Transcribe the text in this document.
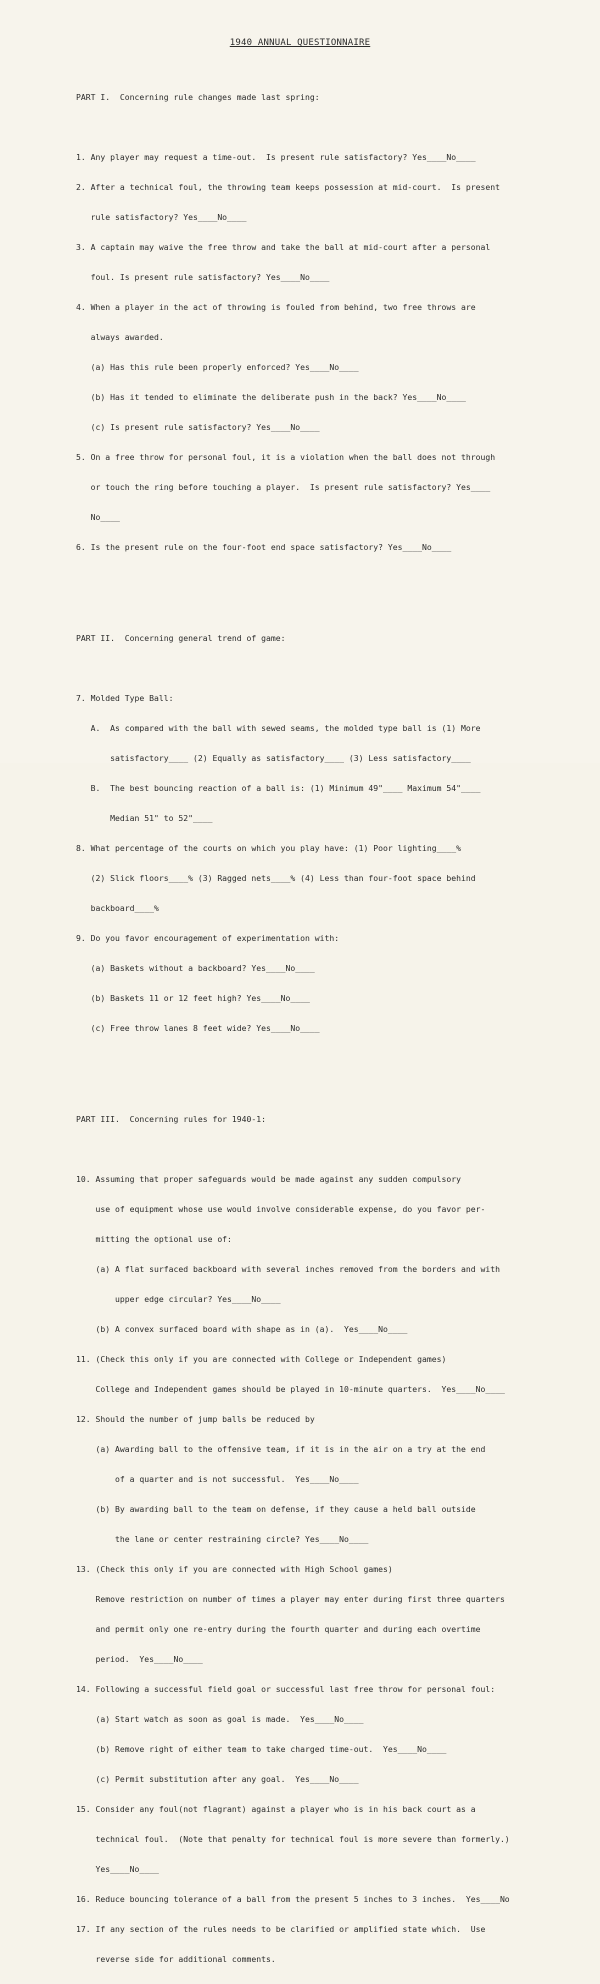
1940 ANNUAL QUESTIONNAIRE

PART I.  Concerning rule changes made last spring:

1. Any player may request a time-out.  Is present rule satisfactory? Yes____No____

2. After a technical foul, the throwing team keeps possession at mid-court.  Is present

rule satisfactory? Yes____No____

3. A captain may waive the free throw and take the ball at mid-court after a personal

foul. Is present rule satisfactory? Yes____No____

4. When a player in the act of throwing is fouled from behind, two free throws are

always awarded.

(a) Has this rule been properly enforced? Yes____No____

(b) Has it tended to eliminate the deliberate push in the back? Yes____No____

(c) Is present rule satisfactory? Yes____No____

5. On a free throw for personal foul, it is a violation when the ball does not through

or touch the ring before touching a player.  Is present rule satisfactory? Yes____

No____

6. Is the present rule on the four-foot end space satisfactory? Yes____No____

PART II.  Concerning general trend of game:

7. Molded Type Ball:

A.  As compared with the ball with sewed seams, the molded type ball is (1) More

satisfactory____ (2) Equally as satisfactory____ (3) Less satisfactory____

B.  The best bouncing reaction of a ball is: (1) Minimum 49"____ Maximum 54"____

Median 51" to 52"____

8. What percentage of the courts on which you play have: (1) Poor lighting____%

(2) Slick floors____% (3) Ragged nets____% (4) Less than four-foot space behind

backboard____%

9. Do you favor encouragement of experimentation with:

(a) Baskets without a backboard? Yes____No____

(b) Baskets 11 or 12 feet high? Yes____No____

(c) Free throw lanes 8 feet wide? Yes____No____

PART III.  Concerning rules for 1940-1:

10. Assuming that proper safeguards would be made against any sudden compulsory

use of equipment whose use would involve considerable expense, do you favor per-

mitting the optional use of:

(a) A flat surfaced backboard with several inches removed from the borders and with

upper edge circular? Yes____No____

(b) A convex surfaced board with shape as in (a).  Yes____No____

11. (Check this only if you are connected with College or Independent games)

College and Independent games should be played in 10-minute quarters.  Yes____No____

12. Should the number of jump balls be reduced by

(a) Awarding ball to the offensive team, if it is in the air on a try at the end

of a quarter and is not successful.  Yes____No____

(b) By awarding ball to the team on defense, if they cause a held ball outside

the lane or center restraining circle? Yes____No____

13. (Check this only if you are connected with High School games)

Remove restriction on number of times a player may enter during first three quarters

and permit only one re-entry during the fourth quarter and during each overtime

period.  Yes____No____

14. Following a successful field goal or successful last free throw for personal foul:

(a) Start watch as soon as goal is made.  Yes____No____

(b) Remove right of either team to take charged time-out.  Yes____No____

(c) Permit substitution after any goal.  Yes____No____

15. Consider any foul(not flagrant) against a player who is in his back court as a

technical foul.  (Note that penalty for technical foul is more severe than formerly.)

Yes____No____

16. Reduce bouncing tolerance of a ball from the present 5 inches to 3 inches.  Yes____No

17. If any section of the rules needs to be clarified or amplified state which.  Use

reverse side for additional comments.
